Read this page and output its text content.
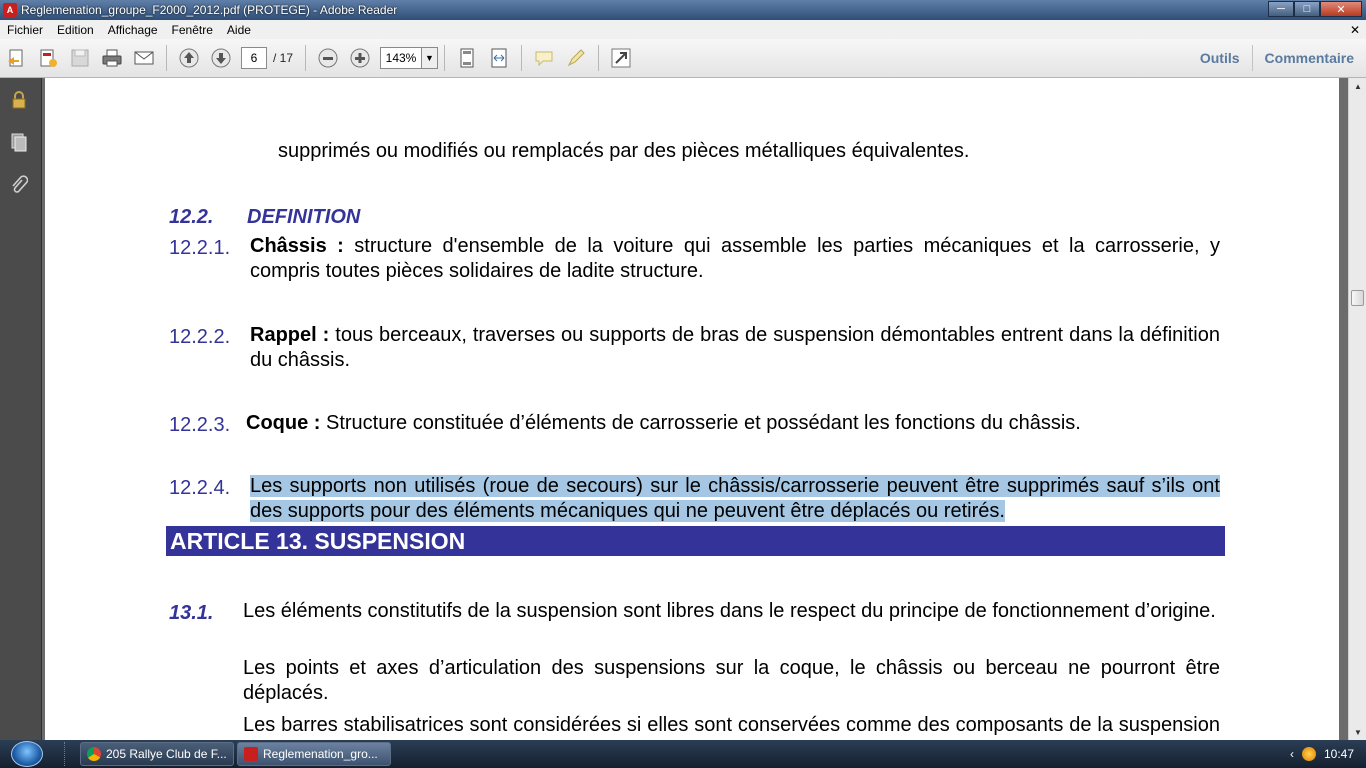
A Reglemenation_groupe_F2000_2012.pdf (PROTEGE) - Adobe Reader	─	□	✕
Fichier	Edition	Affichage	Fenêtre	Aide	✕
6	/ 17	143% ▼	Outils	Commentaire
supprimés ou modifiés ou remplacés par des pièces métalliques équivalentes.
12.2. DEFINITION
12.2.1. Châssis : structure d'ensemble de la voiture qui assemble les parties mécaniques et la carrosserie, y compris toutes pièces solidaires de ladite structure.
12.2.2. Rappel : tous berceaux, traverses ou supports de bras de suspension démontables entrent dans la définition du châssis.
12.2.3. Coque : Structure constituée d’éléments de carrosserie et possédant les fonctions du châssis.
12.2.4. Les supports non utilisés (roue de secours) sur le châssis/carrosserie peuvent être supprimés sauf s’ils ont des supports pour des éléments mécaniques qui ne peuvent être déplacés ou retirés.
ARTICLE 13. SUSPENSION
13.1. Les éléments constitutifs de la suspension sont libres dans le respect du principe de fonctionnement d’origine.
Les points et axes d’articulation des suspensions sur la coque, le châssis ou berceau ne pourront être déplacés.
Les barres stabilisatrices sont considérées si elles sont conservées comme des composants de la suspension
▲
▼
205 Rallye Club de F...	Reglemenation_gro...	‹	10:47
